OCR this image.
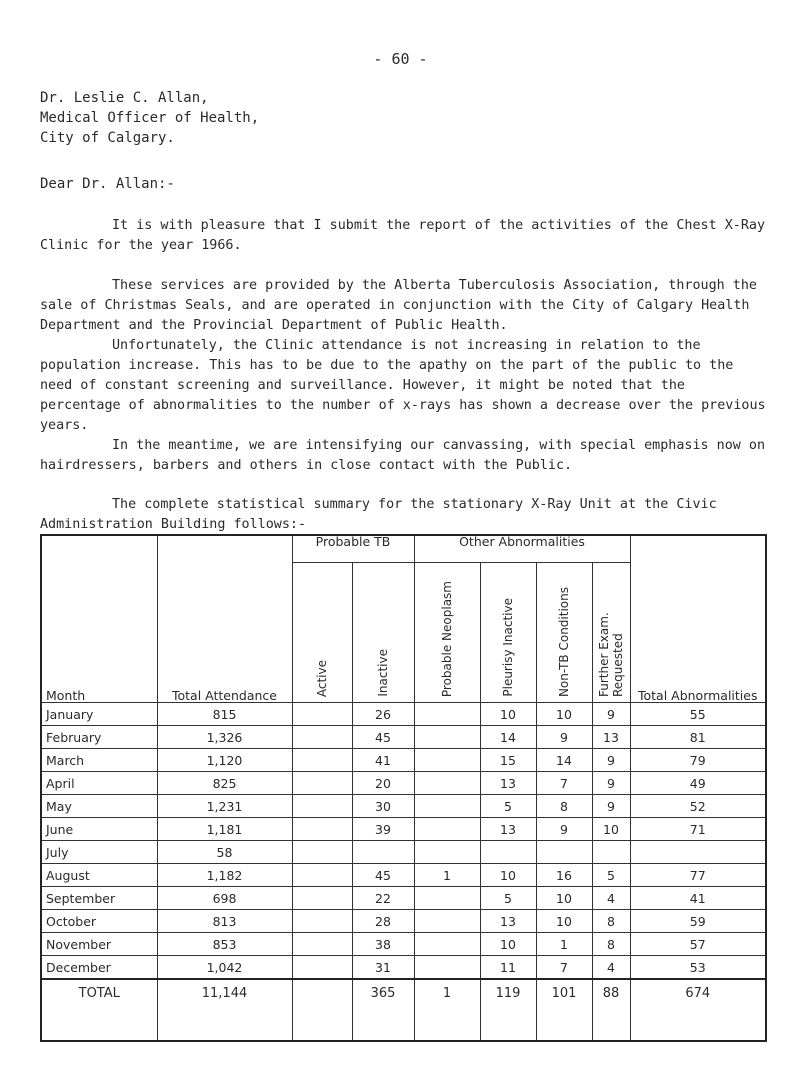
- 60 -
Dr. Leslie C. Allan,
Medical Officer of Health,
City of Calgary.
Dear Dr. Allan:-

It is with pleasure that I submit the report of the activities of the Chest X-Ray Clinic for the year 1966.

These services are provided by the Alberta Tuberculosis Association, through the sale of Christmas Seals, and are operated in conjunction with the City of Calgary Health Department and the Provincial Department of Public Health.

Unfortunately, the Clinic attendance is not increasing in relation to the population increase. This has to be due to the apathy on the part of the public to the need of constant screening and surveillance. However, it might be noted that the percentage of abnormalities to the number of x-rays has shown a decrease over the previous years.

In the meantime, we are intensifying our canvassing, with special emphasis now on hairdressers, barbers and others in close contact with the Public.

The complete statistical summary for the stationary X-Ray Unit at the Civic Administration Building follows:-

Month	Total Attendance	Probable TB		Other Abnormalities				Total Abnormalities
		Active	Inactive	Probable Neoplasm	Pleurisy Inactive	Non-TB Conditions	Further Exam. Requested	
January	815		26		10	10	9	55
February	1,326		45		14	9	13	81
March	1,120		41		15	14	9	79
April	825		20		13	7	9	49
May	1,231		30		5	8	9	52
June	1,181		39		13	9	10	71
July	58							
August	1,182		45	1	10	16	5	77
September	698		22		5	10	4	41
October	813		28		13	10	8	59
November	853		38		10	1	8	57
December	1,042		31		11	7	4	53
TOTAL	11,144		365	1	119	101	88	674
